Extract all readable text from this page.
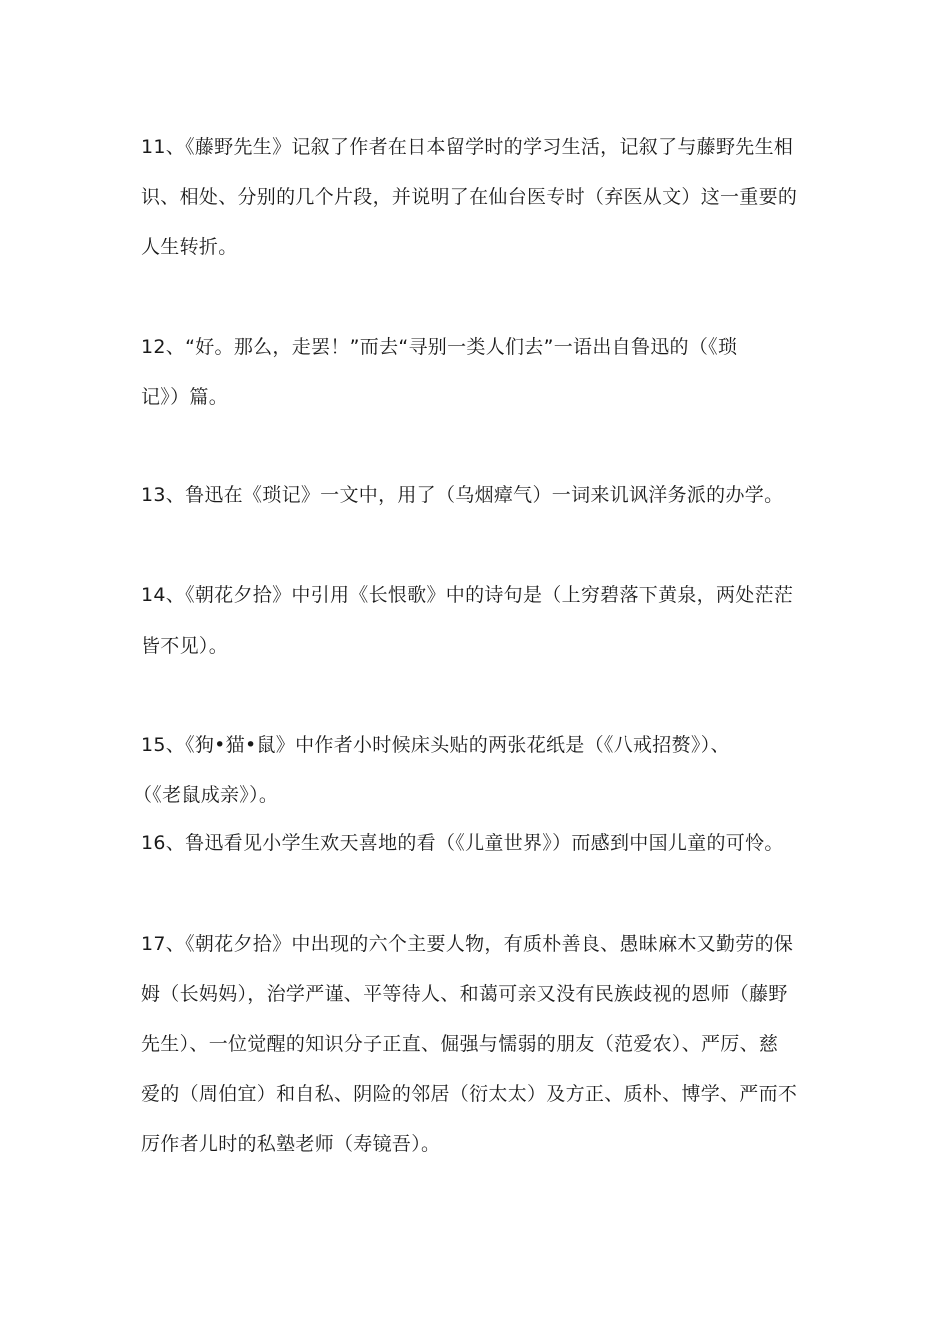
11、《藤野先生》记叙了作者在日本留学时的学习生活，记叙了与藤野先生相
识、相处、分别的几个片段，并说明了在仙台医专时（弃医从文）这一重要的
人生转折。
12、“好。那么，走罢！”而去“寻别一类人们去”一语出自鲁迅的（《琐
记》）篇。
13、鲁迅在《琐记》一文中，用了（乌烟瘴气）一词来讥讽洋务派的办学。
14、《朝花夕拾》中引用《长恨歌》中的诗句是（上穷碧落下黄泉，两处茫茫
皆不见）。
15、《狗•猫•鼠》中作者小时候床头贴的两张花纸是（《八戒招赘》）、
（《老鼠成亲》）。
16、鲁迅看见小学生欢天喜地的看（《儿童世界》）而感到中国儿童的可怜。
17、《朝花夕拾》中出现的六个主要人物，有质朴善良、愚昧麻木又勤劳的保
姆（长妈妈），治学严谨、平等待人、和蔼可亲又没有民族歧视的恩师（藤野
先生）、一位觉醒的知识分子正直、倔强与懦弱的朋友（范爱农）、严厉、慈
爱的（周伯宜）和自私、阴险的邻居（衍太太）及方正、质朴、博学、严而不
厉作者儿时的私塾老师（寿镜吾）。
